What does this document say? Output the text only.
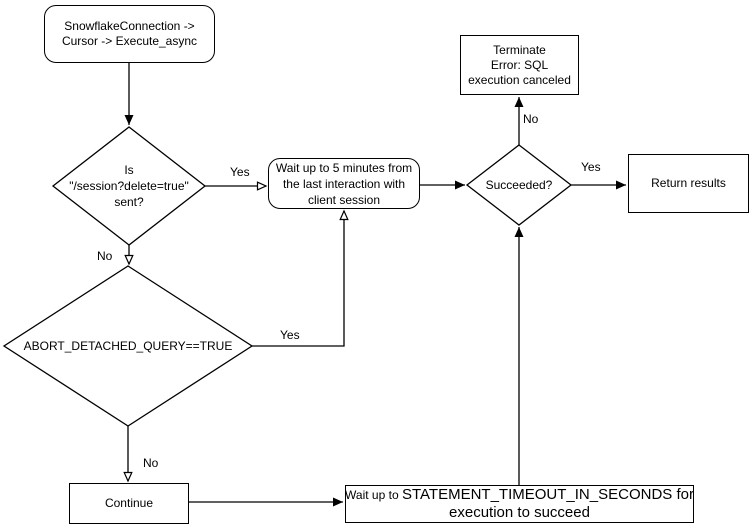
SnowflakeConnection ->
Cursor -> Execute_async
Wait up to 5 minutes from
the last interaction with
client session
Terminate
Error: SQL
execution canceled
Return results
Continue
Wait up to STATEMENT_TIMEOUT_IN_SECONDS for
execution to succeed
Is
"/session?delete=true"
sent?
ABORT_DETACHED_QUERY==TRUE
Succeeded?
Yes
No
Yes
No
No
Yes
